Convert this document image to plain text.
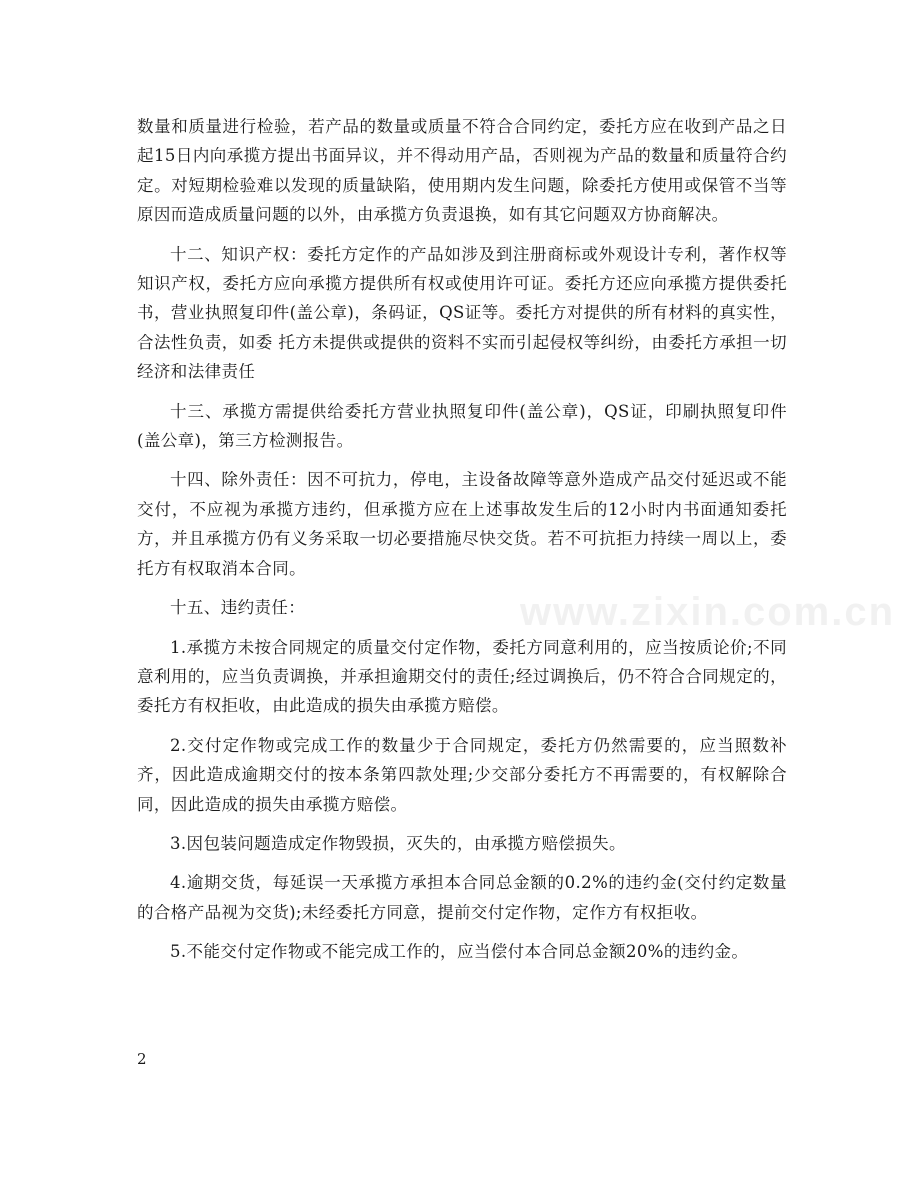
www.zixin.com.cn

数量和质量进行检验，若产品的数量或质量不符合合同约定，委托方应在收到产品之日起15日内向承揽方提出书面异议，并不得动用产品，否则视为产品的数量和质量符合约定。对短期检验难以发现的质量缺陷，使用期内发生问题，除委托方使用或保管不当等原因而造成质量问题的以外，由承揽方负责退换，如有其它问题双方协商解决。

十二、知识产权：委托方定作的产品如涉及到注册商标或外观设计专利，著作权等知识产权，委托方应向承揽方提供所有权或使用许可证。委托方还应向承揽方提供委托书，营业执照复印件(盖公章)，条码证，QS证等。委托方对提供的所有材料的真实性，合法性负责，如委 托方未提供或提供的资料不实而引起侵权等纠纷，由委托方承担一切经济和法律责任

十三、承揽方需提供给委托方营业执照复印件(盖公章)，QS证，印刷执照复印件(盖公章)，第三方检测报告。

十四、除外责任：因不可抗力，停电，主设备故障等意外造成产品交付延迟或不能交付，不应视为承揽方违约，但承揽方应在上述事故发生后的12小时内书面通知委托方，并且承揽方仍有义务采取一切必要措施尽快交货。若不可抗拒力持续一周以上，委托方有权取消本合同。

十五、违约责任：

1.承揽方未按合同规定的质量交付定作物，委托方同意利用的，应当按质论价;不同意利用的，应当负责调换，并承担逾期交付的责任;经过调换后，仍不符合合同规定的，委托方有权拒收，由此造成的损失由承揽方赔偿。

2.交付定作物或完成工作的数量少于合同规定，委托方仍然需要的，应当照数补齐，因此造成逾期交付的按本条第四款处理;少交部分委托方不再需要的，有权解除合同，因此造成的损失由承揽方赔偿。

3.因包装问题造成定作物毁损，灭失的，由承揽方赔偿损失。

4.逾期交货，每延误一天承揽方承担本合同总金额的0.2%的违约金(交付约定数量的合格产品视为交货);未经委托方同意，提前交付定作物，定作方有权拒收。

5.不能交付定作物或不能完成工作的，应当偿付本合同总金额20%的违约金。

2
